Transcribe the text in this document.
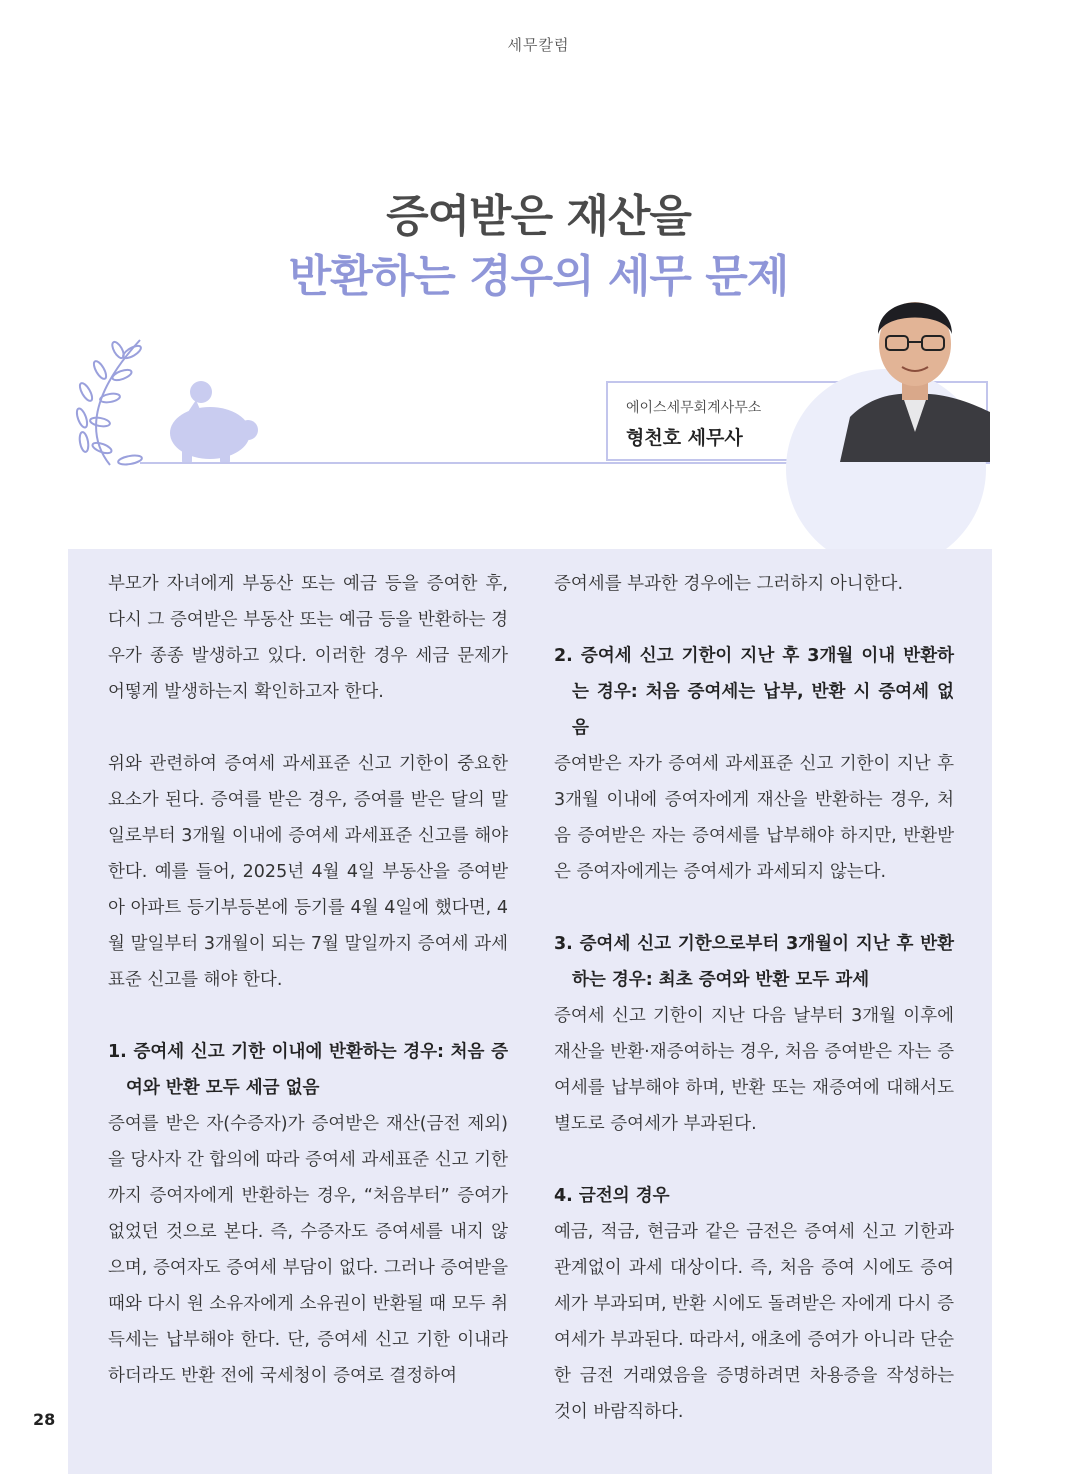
세무칼럼
증여받은 재산을
반환하는 경우의 세무 문제
에이스세무회계사무소
형천호 세무사

부모가 자녀에게 부동산 또는 예금 등을 증여한 후, 다시 그 증여받은 부동산 또는 예금 등을 반환하는 경우가 종종 발생하고 있다. 이러한 경우 세금 문제가 어떻게 발생하는지 확인하고자 한다.

위와 관련하여 증여세 과세표준 신고 기한이 중요한 요소가 된다. 증여를 받은 경우, 증여를 받은 달의 말일로부터 3개월 이내에 증여세 과세표준 신고를 해야 한다. 예를 들어, 2025년 4월 4일 부동산을 증여받아 아파트 등기부등본에 등기를 4월 4일에 했다면, 4월 말일부터 3개월이 되는 7월 말일까지 증여세 과세표준 신고를 해야 한다.

1. 증여세 신고 기한 이내에 반환하는 경우: 처음 증여와 반환 모두 세금 없음

증여를 받은 자(수증자)가 증여받은 재산(금전 제외)을 당사자 간 합의에 따라 증여세 과세표준 신고 기한까지 증여자에게 반환하는 경우, “처음부터” 증여가 없었던 것으로 본다. 즉, 수증자도 증여세를 내지 않으며, 증여자도 증여세 부담이 없다. 그러나 증여받을 때와 다시 원 소유자에게 소유권이 반환될 때 모두 취득세는 납부해야 한다. 단, 증여세 신고 기한 이내라 하더라도 반환 전에 국세청이 증여로 결정하여

증여세를 부과한 경우에는 그러하지 아니한다.

2. 증여세 신고 기한이 지난 후 3개월 이내 반환하는 경우: 처음 증여세는 납부, 반환 시 증여세 없음

증여받은 자가 증여세 과세표준 신고 기한이 지난 후 3개월 이내에 증여자에게 재산을 반환하는 경우, 처음 증여받은 자는 증여세를 납부해야 하지만, 반환받은 증여자에게는 증여세가 과세되지 않는다.

3. 증여세 신고 기한으로부터 3개월이 지난 후 반환하는 경우: 최초 증여와 반환 모두 과세

증여세 신고 기한이 지난 다음 날부터 3개월 이후에 재산을 반환·재증여하는 경우, 처음 증여받은 자는 증여세를 납부해야 하며, 반환 또는 재증여에 대해서도 별도로 증여세가 부과된다.

4. 금전의 경우

예금, 적금, 현금과 같은 금전은 증여세 신고 기한과 관계없이 과세 대상이다. 즉, 처음 증여 시에도 증여세가 부과되며, 반환 시에도 돌려받은 자에게 다시 증여세가 부과된다. 따라서, 애초에 증여가 아니라 단순한 금전 거래였음을 증명하려면 차용증을 작성하는 것이 바람직하다.

28
